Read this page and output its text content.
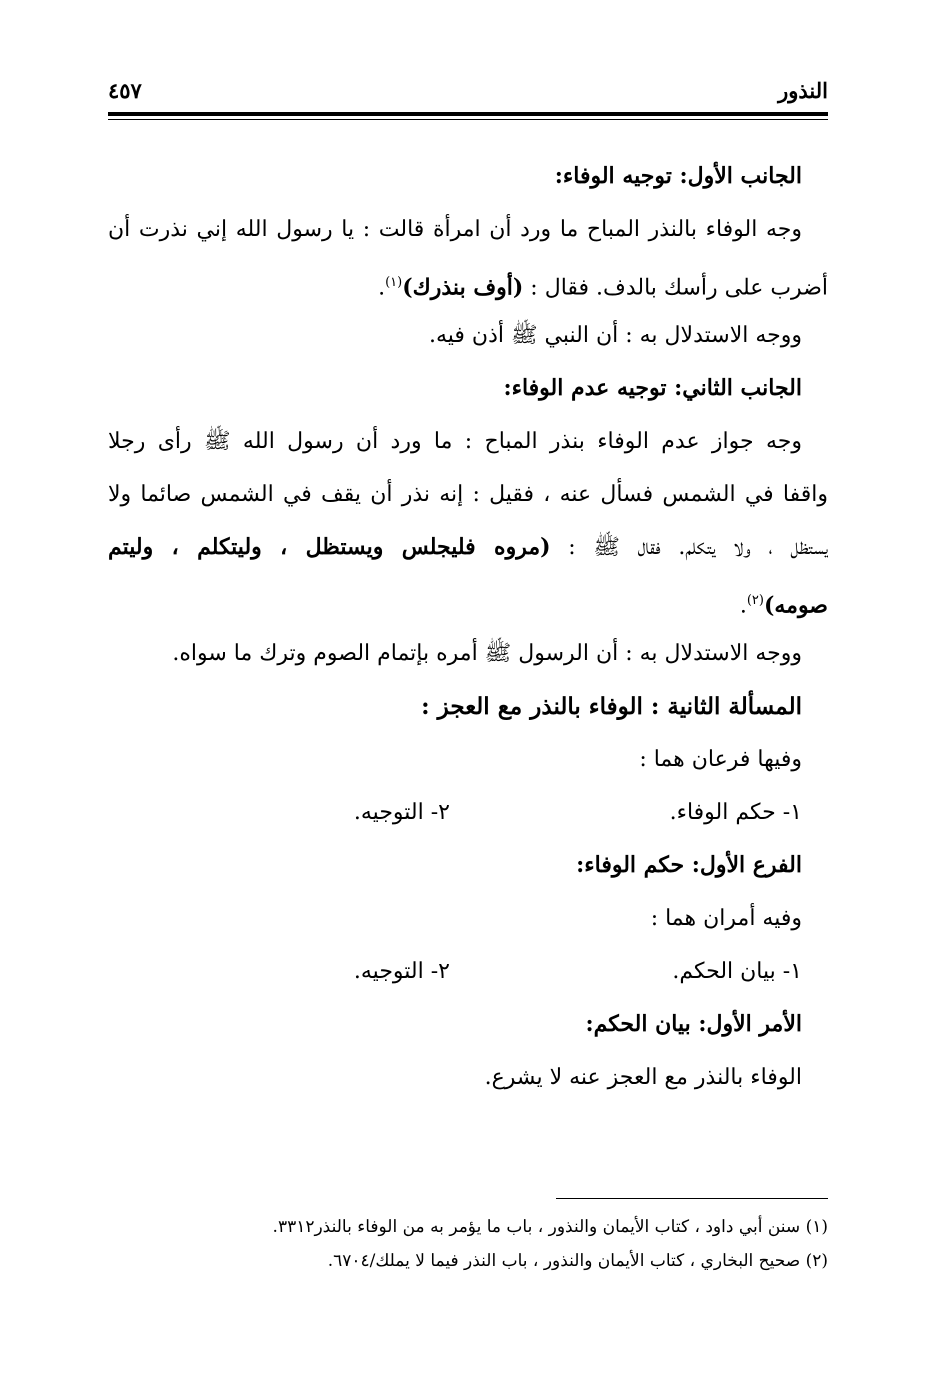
النذور
٤٥٧
الجانب الأول: توجيه الوفاء:
وجه الوفاء بالنذر المباح ما ورد أن امرأة قالت : يا رسول الله إني نذرت أن
أضرب على رأسك بالدف. فقال : (أوف بنذرك)$^{(١)}$.
ووجه الاستدلال به : أن النبي ﷺ أذن فيه.
الجانب الثاني: توجيه عدم الوفاء:
وجه جواز عدم الوفاء بنذر المباح : ما ورد أن رسول الله ﷺ رأى رجلا
واقفا في الشمس فسأل عنه ، فقيل : إنه نذر أن يقف في الشمس صائما ولا
يستظل ، ولا يتكلم. فقال ﷺ : (مروه فليجلس ويستظل ، وليتكلم ، وليتم
صومه)$^{(٢)}$.
ووجه الاستدلال به : أن الرسول ﷺ أمره بإتمام الصوم وترك ما سواه.
المسألة الثانية : الوفاء بالنذر مع العجز :
وفيها فرعان هما :
١- حكم الوفاء.
٢- التوجيه.
الفرع الأول: حكم الوفاء:
وفيه أمران هما :
١- بيان الحكم.
٢- التوجيه.
الأمر الأول: بيان الحكم:
الوفاء بالنذر مع العجز عنه لا يشرع.
(١) سنن أبي داود ، كتاب الأيمان والنذور ، باب ما يؤمر به من الوفاء بالنذر٣٣١٢.
(٢) صحيح البخاري ، كتاب الأيمان والنذور ، باب النذر فيما لا يملك/٦٧٠٤.
